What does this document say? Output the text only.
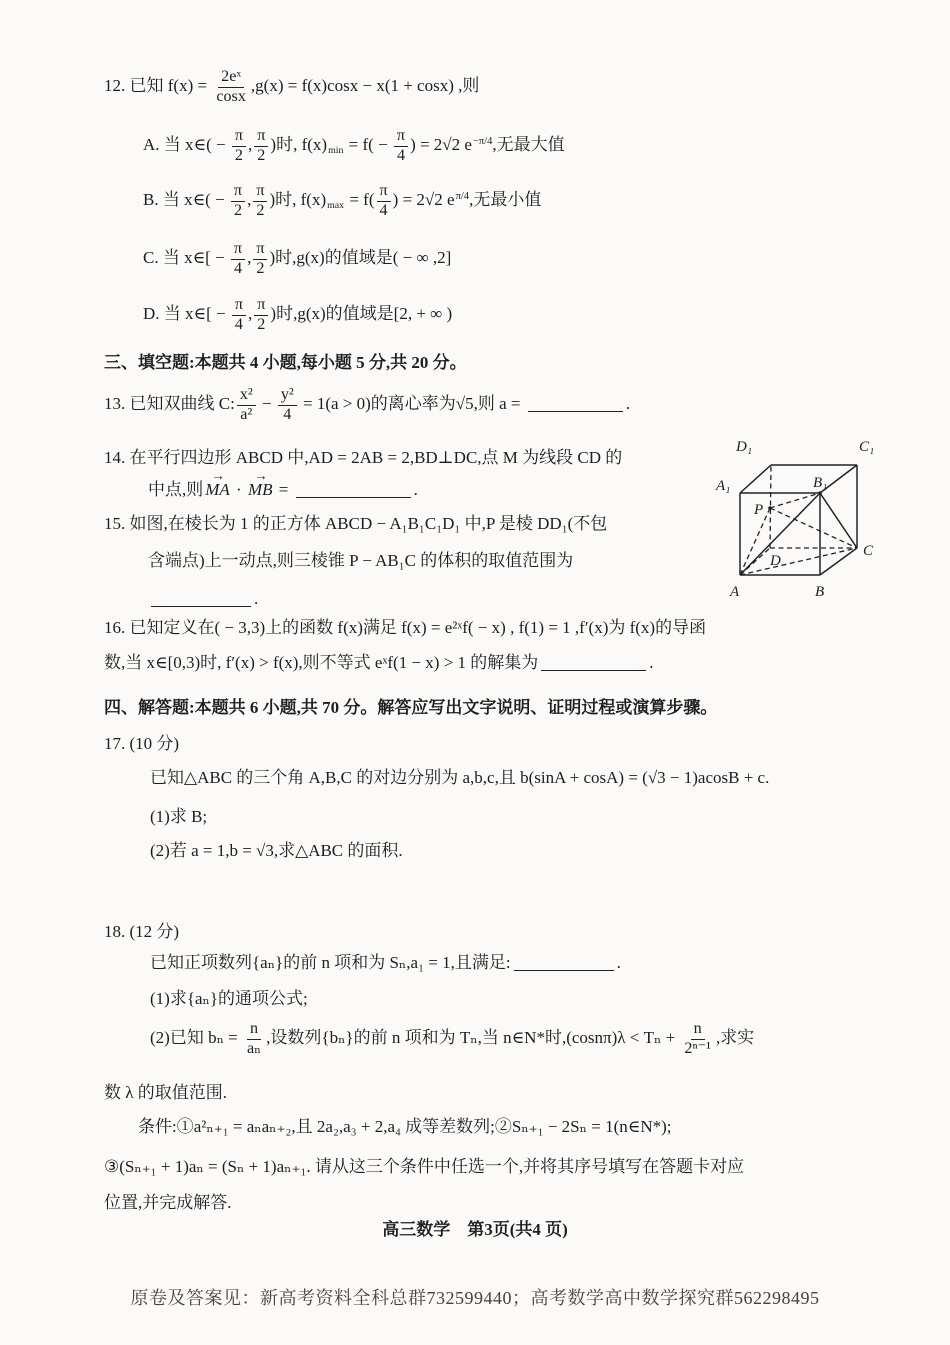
12. 已知 $f(x) = \frac{\text{2eˣ}}{\cos x} ,g(x) = f(x)\cos x - x(1 + \cos x)$ ,则
A. 当 x∈( − $\frac{\pi}{2}$ , $\frac{\pi}{2}$ )时, $f(x)_{min} = f( - \frac{\pi}{4}$ ) = 2√2 $e^{-\pi/4}$,无最大值
B. 当 x∈( − $\frac{\pi}{2}$ , $\frac{\pi}{2}$ )时, $f(x)_{max} = f( \frac{\pi}{4}$ ) = 2√2 $e^{\pi/4}$,无最小值
C. 当 x∈[ − $\frac{\pi}{4}$ , $\frac{\pi}{2}$ )时,g(x)的值域是( − ∞ ,2]
D. 当 x∈[ − $\frac{\pi}{4}$ , $\frac{\pi}{2}$ )时,g(x)的值域是[2, + ∞ )
三、填空题:本题共 4 小题,每小题 5 分,共 20 分。
13. 已知双曲线 C: $\frac{\text{x²}}{\text{a²}} - \frac{\text{y²}}{4} = 1(a > 0)$的离心率为√5,则 a =	.
14. 在平行四边形 ABCD 中,AD = 2AB = 2,BD⊥DC,点 M 为线段 CD 的
中点,则
→
MA ·
→
MB =	.
15. 如图,在棱长为 1 的正方体 ABCD − A₁B₁C₁D₁ 中,P 是棱 DD₁(不包
含端点)上一动点,则三棱锥 P − AB₁C 的体积的取值范围为
.
16. 已知定义在( − 3,3)上的函数 f(x)满足 f(x) = e²ˣf( − x) , f(1) = 1 ,f′(x)为 f(x)的导函
数,当 x∈[0,3)时, f′(x) > f(x),则不等式 eˣf(1 − x) > 1 的解集为	.
四、解答题:本题共 6 小题,共 70 分。解答应写出文字说明、证明过程或演算步骤。
17. (10 分)
已知△ABC 的三个角 A,B,C 的对边分别为 a,b,c,且 b(sinA + cosA) = (√3 − 1)acosB + c.
(1)求 B;
(2)若 a = 1,b = √3,求△ABC 的面积.
18. (12 分)
已知正项数列{aₙ}的前 n 项和为 Sₙ,a₁ = 1,且满足:	.
(1)求{aₙ}的通项公式;
(2)已知 $b_n = \frac{n}{\text{aₙ}}$ ,设数列{bₙ}的前 n 项和为 Tₙ,当 n∈N*时$,(\cos n\pi)\lambda < T_n + \frac{n}{\text{2ⁿ⁻¹}}$ ,求实
数 λ 的取值范围.
条件:①a²ₙ₊₁ = aₙaₙ₊₂,且 2a₂,a₃ + 2,a₄ 成等差数列;②Sₙ₊₁ − 2Sₙ = 1(n∈N*);
③(Sₙ₊₁ + 1)aₙ = (Sₙ + 1)aₙ₊₁. 请从这三个条件中任选一个,并将其序号填写在答题卡对应
位置,并完成解答.
A	B
C
D
A₁	B₁
C₁
D₁
P
高三数学　第3页(共4 页)
原卷及答案见：新高考资料全科总群732599440；高考数学高中数学探究群562298495
